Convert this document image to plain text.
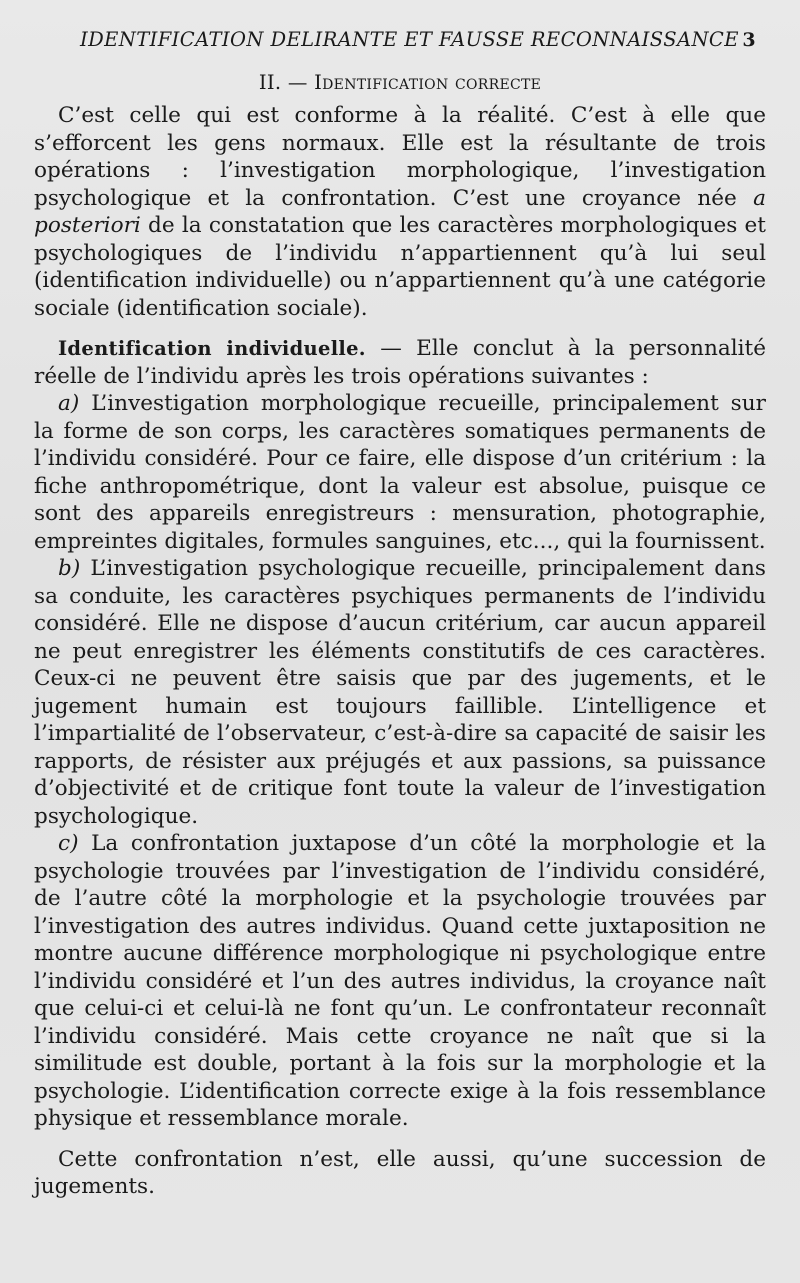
IDENTIFICATION DELIRANTE ET FAUSSE RECONNAISSANCE 3
II. — Identification correcte

C’est celle qui est conforme à la réalité. C’est à elle que s’efforcent les gens normaux. Elle est la résultante de trois opérations : l’investigation morphologique, l’investigation psychologique et la confrontation. C’est une croyance née a posteriori de la constatation que les caractères morphologiques et psychologiques de l’individu n’appartiennent qu’à lui seul (identification individuelle) ou n’appartiennent qu’à une catégorie sociale (identification sociale).

Identification individuelle. — Elle conclut à la personnalité réelle de l’individu après les trois opérations suivantes :

a) L’investigation morphologique recueille, principalement sur la forme de son corps, les caractères somatiques permanents de l’individu considéré. Pour ce faire, elle dispose d’un critérium : la fiche anthropométrique, dont la valeur est absolue, puisque ce sont des appareils enregistreurs : mensuration, photographie, empreintes digitales, formules sanguines, etc..., qui la fournissent.

b) L’investigation psychologique recueille, principalement dans sa conduite, les caractères psychiques permanents de l’individu considéré. Elle ne dispose d’aucun critérium, car aucun appareil ne peut enregistrer les éléments constitutifs de ces caractères. Ceux-ci ne peuvent être saisis que par des jugements, et le jugement humain est toujours faillible. L’intelligence et l’impartialité de l’observateur, c’est-à-dire sa capacité de saisir les rapports, de résister aux préjugés et aux passions, sa puissance d’objectivité et de critique font toute la valeur de l’investigation psychologique.

c) La confrontation juxtapose d’un côté la morphologie et la psychologie trouvées par l’investigation de l’individu considéré, de l’autre côté la morphologie et la psychologie trouvées par l’investigation des autres individus. Quand cette juxtaposition ne montre aucune différence morphologique ni psychologique entre l’individu considéré et l’un des autres individus, la croyance naît que celui-ci et celui-là ne font qu’un. Le confrontateur reconnaît l’individu considéré. Mais cette croyance ne naît que si la similitude est double, portant à la fois sur la morphologie et la psychologie. L’identification correcte exige à la fois ressemblance physique et ressemblance morale.

Cette confrontation n’est, elle aussi, qu’une succession de jugements.
